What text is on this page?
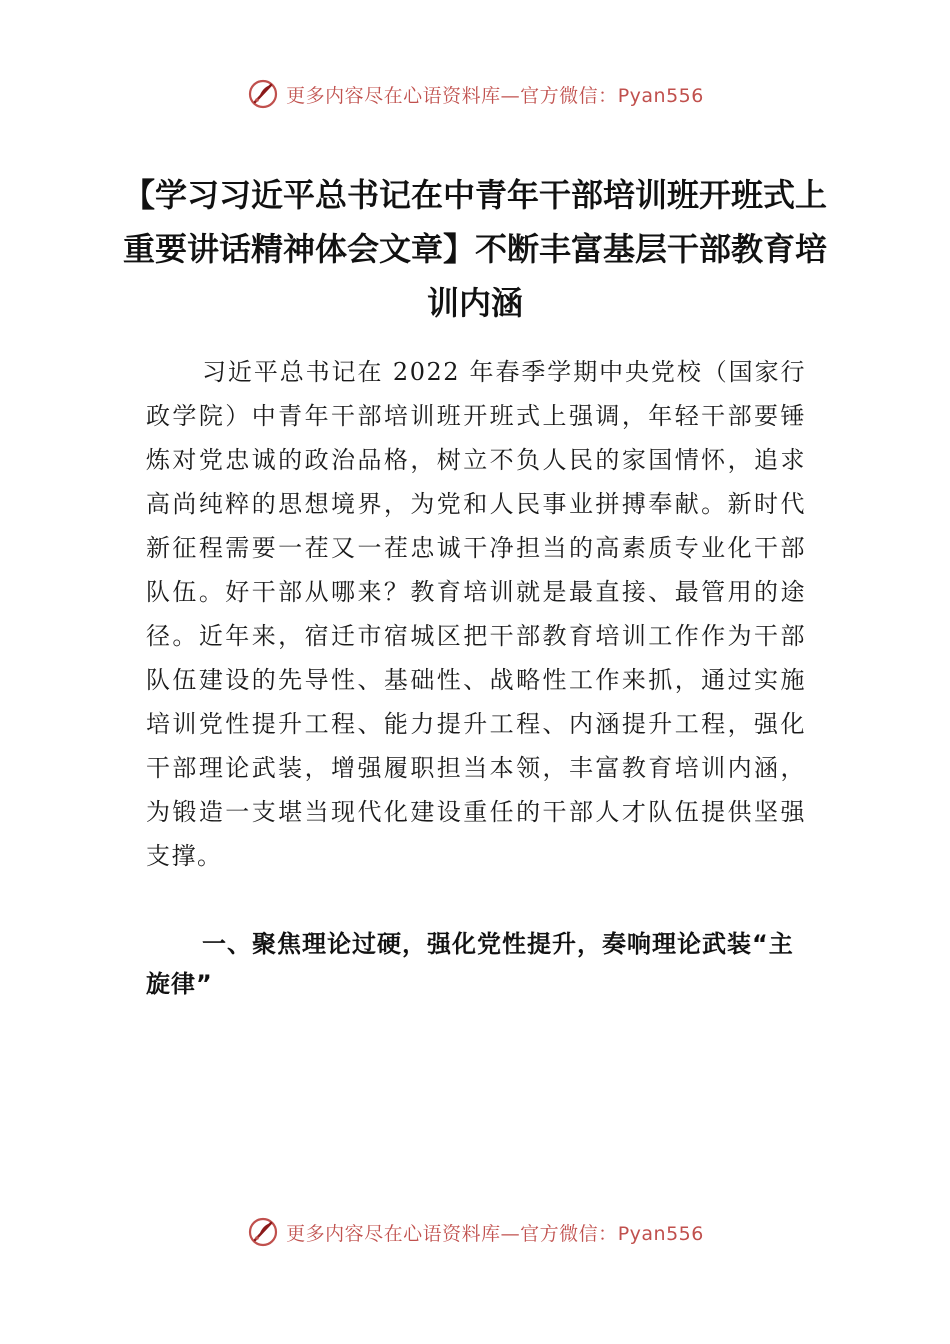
更多内容尽在心语资料库—官方微信：Pyan556
【学习习近平总书记在中青年干部培训班开班式上重要讲话精神体会文章】不断丰富基层干部教育培训内涵

习近平总书记在 2022 年春季学期中央党校（国家行政学院）中青年干部培训班开班式上强调，年轻干部要锤炼对党忠诚的政治品格，树立不负人民的家国情怀，追求高尚纯粹的思想境界，为党和人民事业拼搏奉献。新时代新征程需要一茬又一茬忠诚干净担当的高素质专业化干部队伍。好干部从哪来？教育培训就是最直接、最管用的途径。近年来，宿迁市宿城区把干部教育培训工作作为干部队伍建设的先导性、基础性、战略性工作来抓，通过实施培训党性提升工程、能力提升工程、内涵提升工程，强化干部理论武装，增强履职担当本领，丰富教育培训内涵，为锻造一支堪当现代化建设重任的干部人才队伍提供坚强支撑。

一、聚焦理论过硬，强化党性提升，奏响理论武装“主旋律”
更多内容尽在心语资料库—官方微信：Pyan556
